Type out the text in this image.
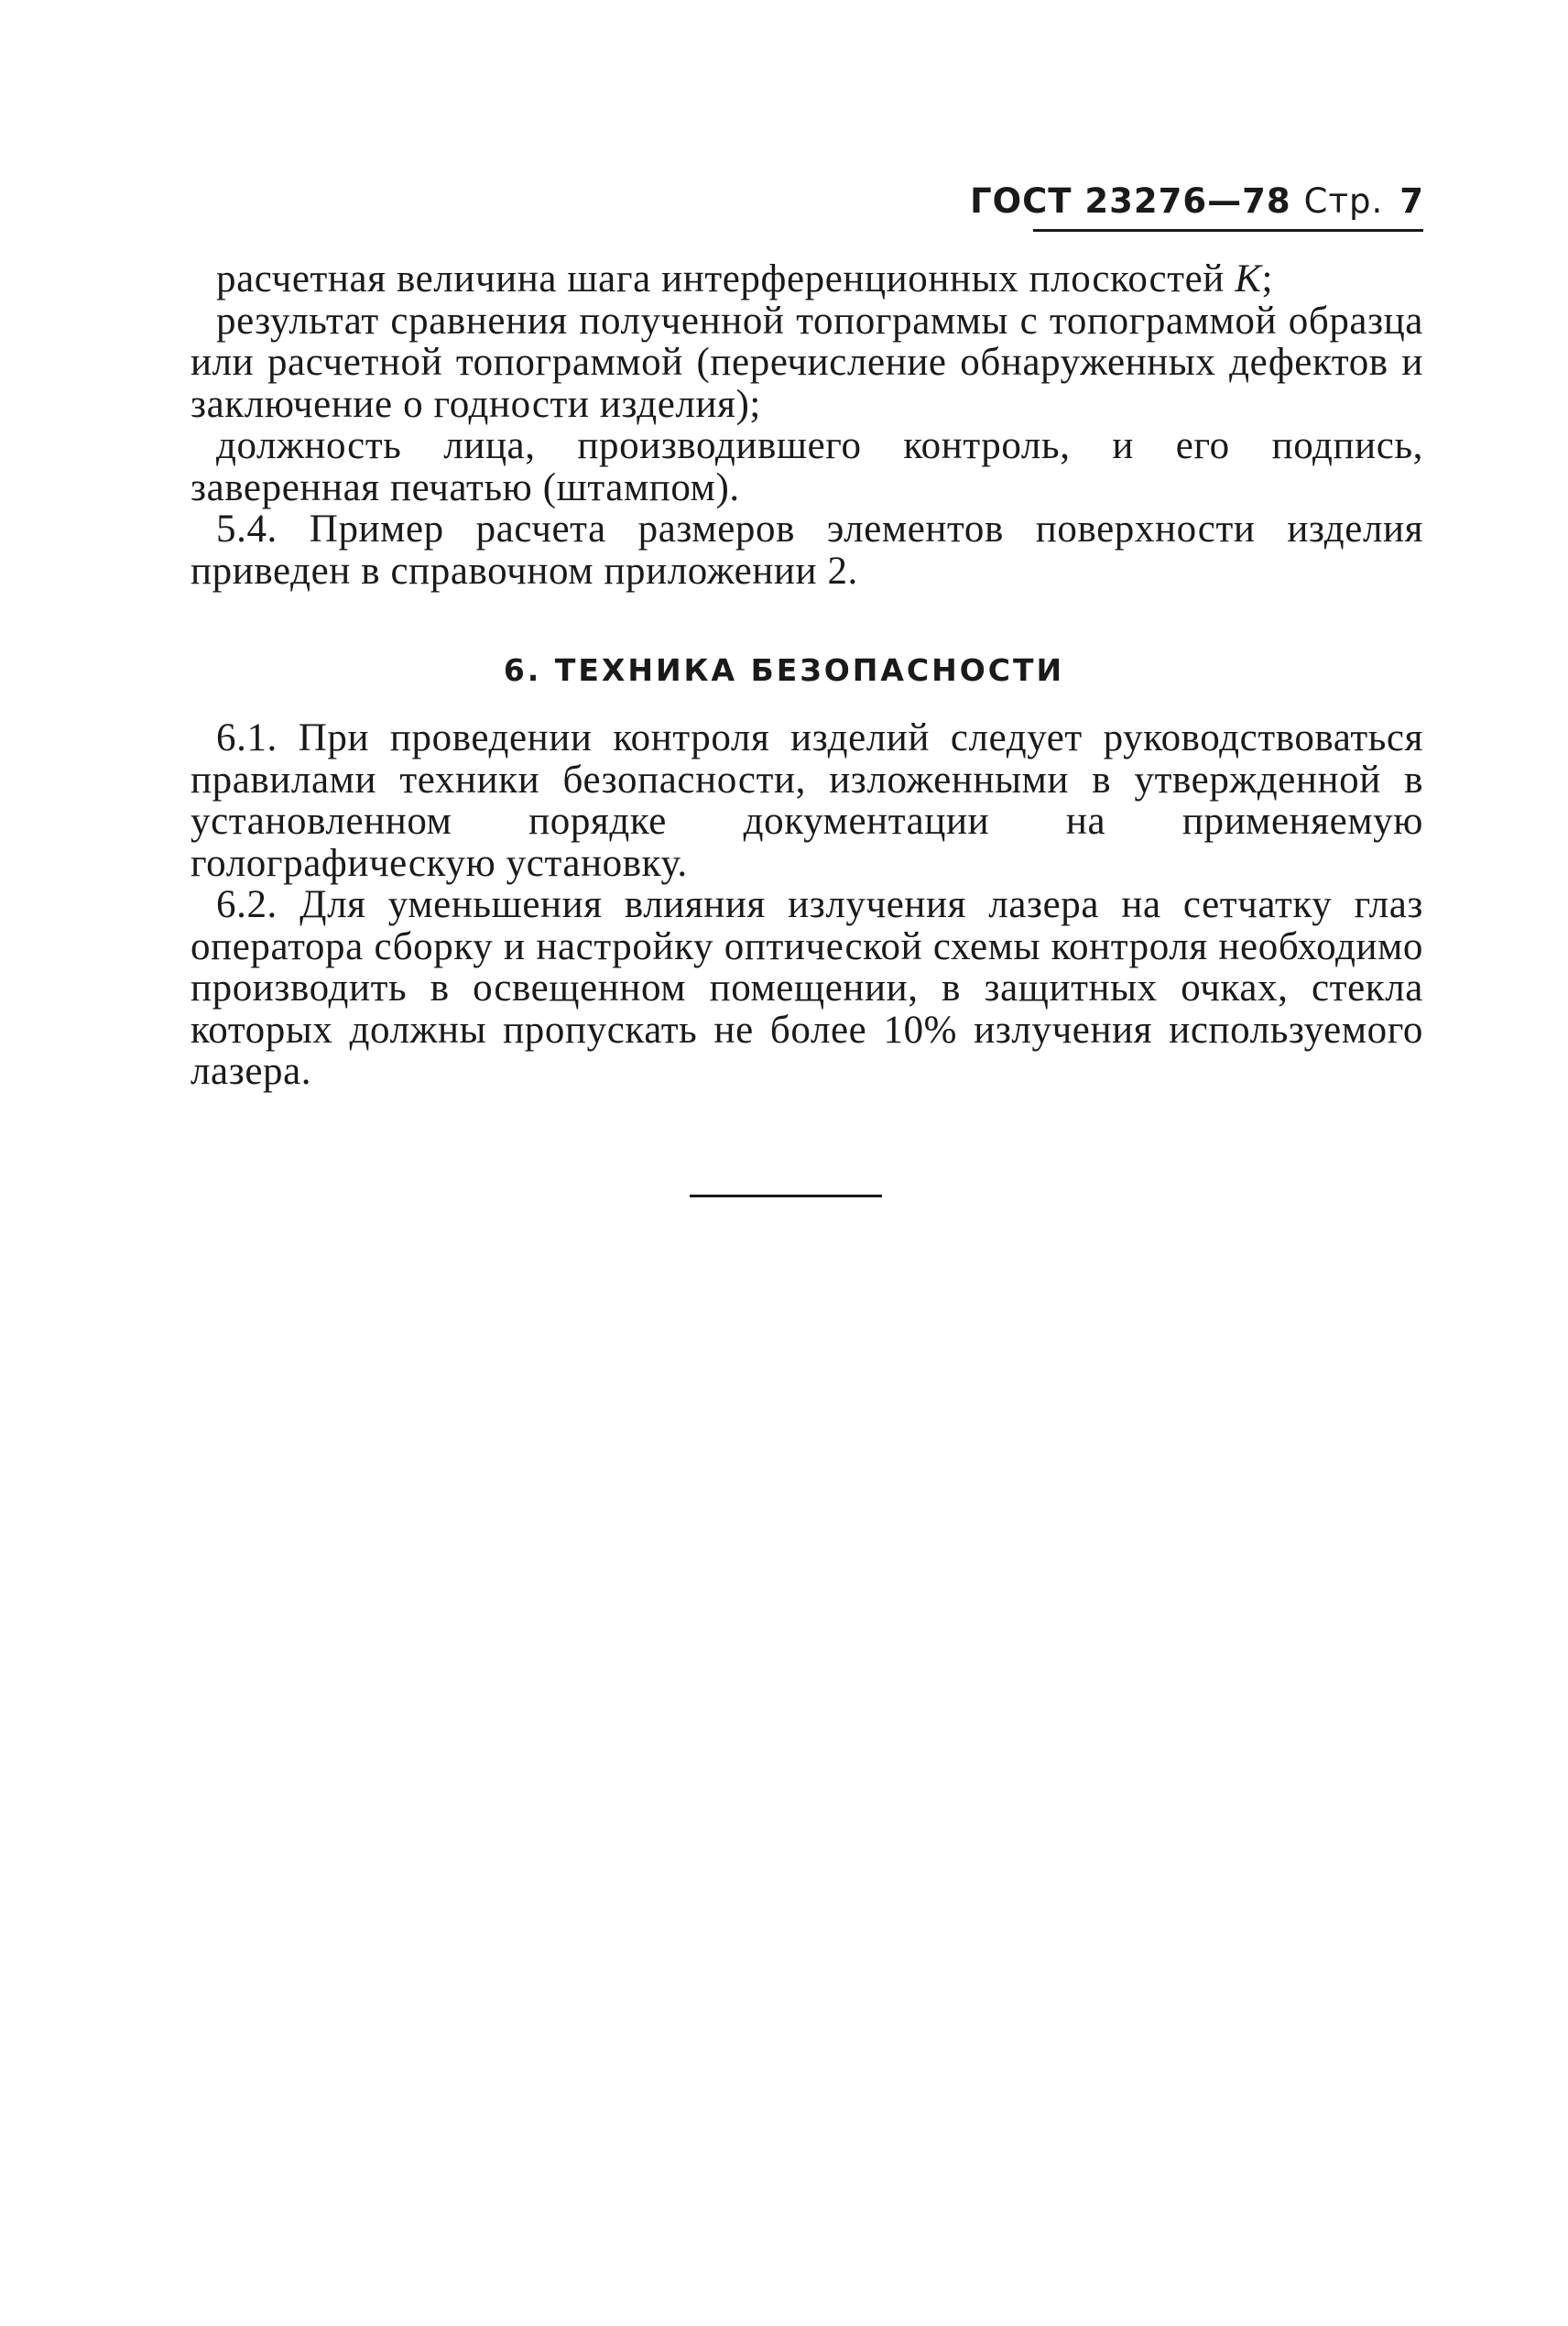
ГОСТ 23276—78 Стр. 7

расчетная величина шага интерференционных плоскостей K;

результат сравнения полученной топограммы с топограммой образца или расчетной топограммой (перечисление обнаруженных дефектов и заключение о годности изделия);

должность лица, производившего контроль, и его подпись, заверенная печатью (штампом).

5.4. Пример расчета размеров элементов поверхности изделия приведен в справочном приложении 2.

6. ТЕХНИКА БЕЗОПАСНОСТИ

6.1. При проведении контроля изделий следует руководствоваться правилами техники безопасности, изложенными в утвержденной в установленном порядке документации на применяемую голографическую установку.

6.2. Для уменьшения влияния излучения лазера на сетчатку глаз оператора сборку и настройку оптической схемы контроля необходимо производить в освещенном помещении, в защитных очках, стекла которых должны пропускать не более 10% излучения используемого лазера.
